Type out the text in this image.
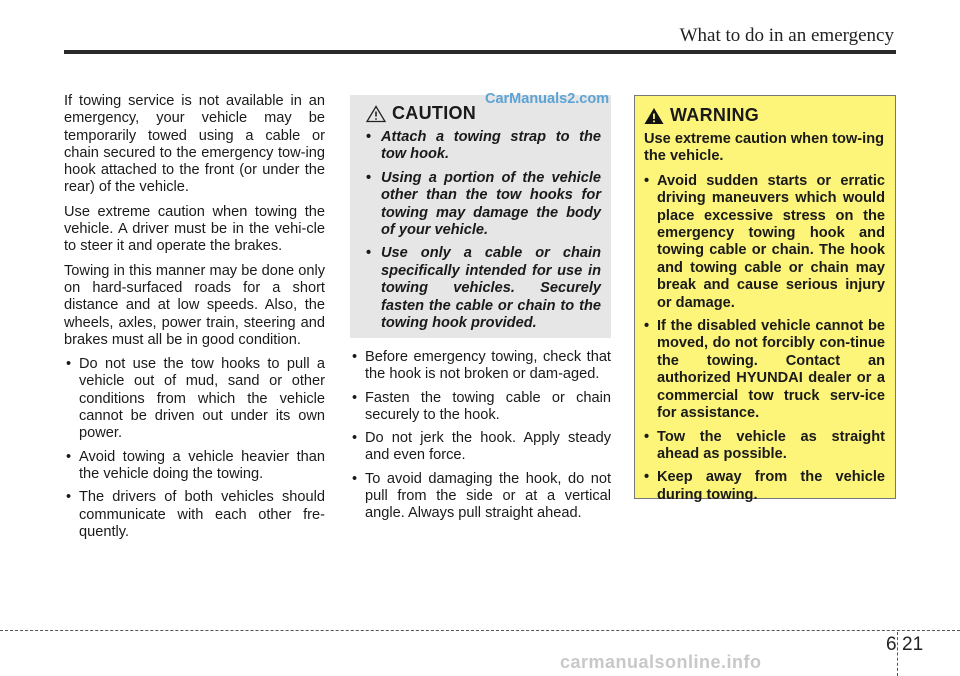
What to do in an emergency

If towing service is not available in an emergency, your vehicle may be temporarily towed using a cable or chain secured to the emergency tow-ing hook attached to the front (or under the rear) of the vehicle.

Use extreme caution when towing the vehicle. A driver must be in the vehi-cle to steer it and operate the brakes.

Towing in this manner may be done only on hard-surfaced roads for a short distance and at low speeds. Also, the wheels, axles, power train, steering and brakes must all be in good condition.

• Do not use the tow hooks to pull a vehicle out of mud, sand or other conditions from which the vehicle cannot be driven out under its own power.
• Avoid towing a vehicle heavier than the vehicle doing the towing.
• The drivers of both vehicles should communicate with each other fre-quently.
CAUTION
• Attach a towing strap to the tow hook.
• Using a portion of the vehicle other than the tow hooks for towing may damage the body of your vehicle.
• Use only a cable or chain specifically intended for use in towing vehicles. Securely fasten the cable or chain to the towing hook provided.
CarManuals2.com
• Before emergency towing, check that the hook is not broken or dam-aged.
• Fasten the towing cable or chain securely to the hook.
• Do not jerk the hook. Apply steady and even force.
• To avoid damaging the hook, do not pull from the side or at a vertical angle. Always pull straight ahead.
WARNING

Use extreme caution when tow-ing the vehicle.

• Avoid sudden starts or erratic driving maneuvers which would place excessive stress on the emergency towing hook and towing cable or chain. The hook and towing cable or chain may break and cause serious injury or damage.
• If the disabled vehicle cannot be moved, do not forcibly con-tinue the towing. Contact an authorized HYUNDAI dealer or a commercial tow truck serv-ice for assistance.
• Tow the vehicle as straight ahead as possible.
• Keep away from the vehicle during towing.
6 21
carmanualsonline.info
